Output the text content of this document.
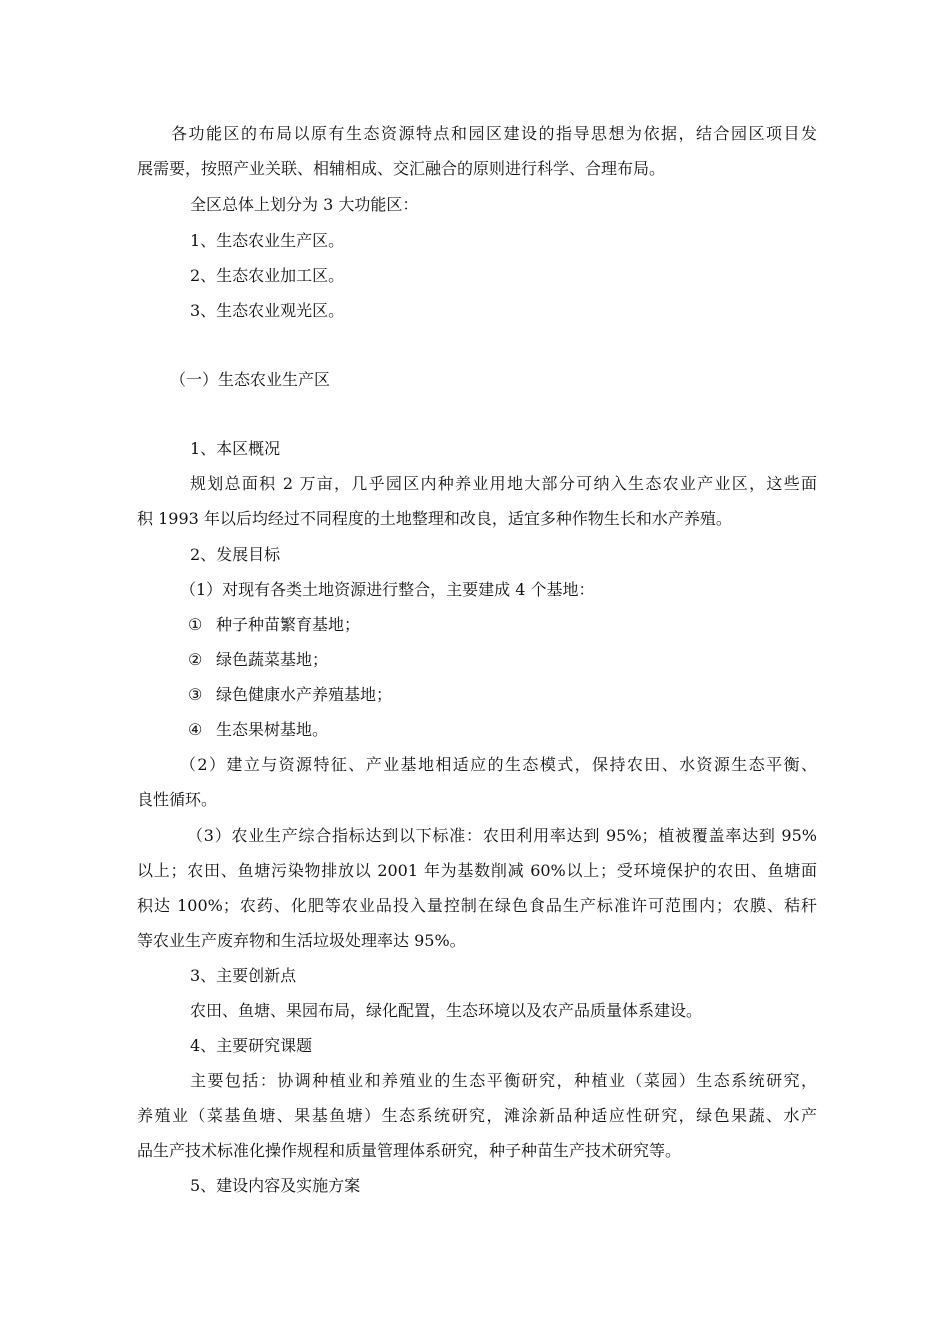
各功能区的布局以原有生态资源特点和园区建设的指导思想为依据，结合园区项目发
展需要，按照产业关联、相辅相成、交汇融合的原则进行科学、合理布局。
全区总体上划分为 3 大功能区：
1、生态农业生产区。
2、生态农业加工区。
3、生态农业观光区。
（一）生态农业生产区
1、本区概况
规划总面积 2 万亩，几乎园区内种养业用地大部分可纳入生态农业产业区，这些面
积 1993 年以后均经过不同程度的土地整理和改良，适宜多种作物生长和水产养殖。
2、发展目标
（1）对现有各类土地资源进行整合，主要建成 4 个基地：
① 种子种苗繁育基地；
② 绿色蔬菜基地；
③ 绿色健康水产养殖基地；
④ 生态果树基地。
（2）建立与资源特征、产业基地相适应的生态模式，保持农田、水资源生态平衡、
良性循环。
（3）农业生产综合指标达到以下标准：农田利用率达到 95%；植被覆盖率达到 95%
以上；农田、鱼塘污染物排放以 2001 年为基数削减 60%以上；受环境保护的农田、鱼塘面
积达 100%；农药、化肥等农业品投入量控制在绿色食品生产标准许可范围内；农膜、秸秆
等农业生产废弃物和生活垃圾处理率达 95%。
3、主要创新点
农田、鱼塘、果园布局，绿化配置，生态环境以及农产品质量体系建设。
4、主要研究课题
主要包括：协调种植业和养殖业的生态平衡研究，种植业（菜园）生态系统研究，
养殖业（菜基鱼塘、果基鱼塘）生态系统研究，滩涂新品种适应性研究，绿色果蔬、水产
品生产技术标准化操作规程和质量管理体系研究，种子种苗生产技术研究等。
5、建设内容及实施方案
